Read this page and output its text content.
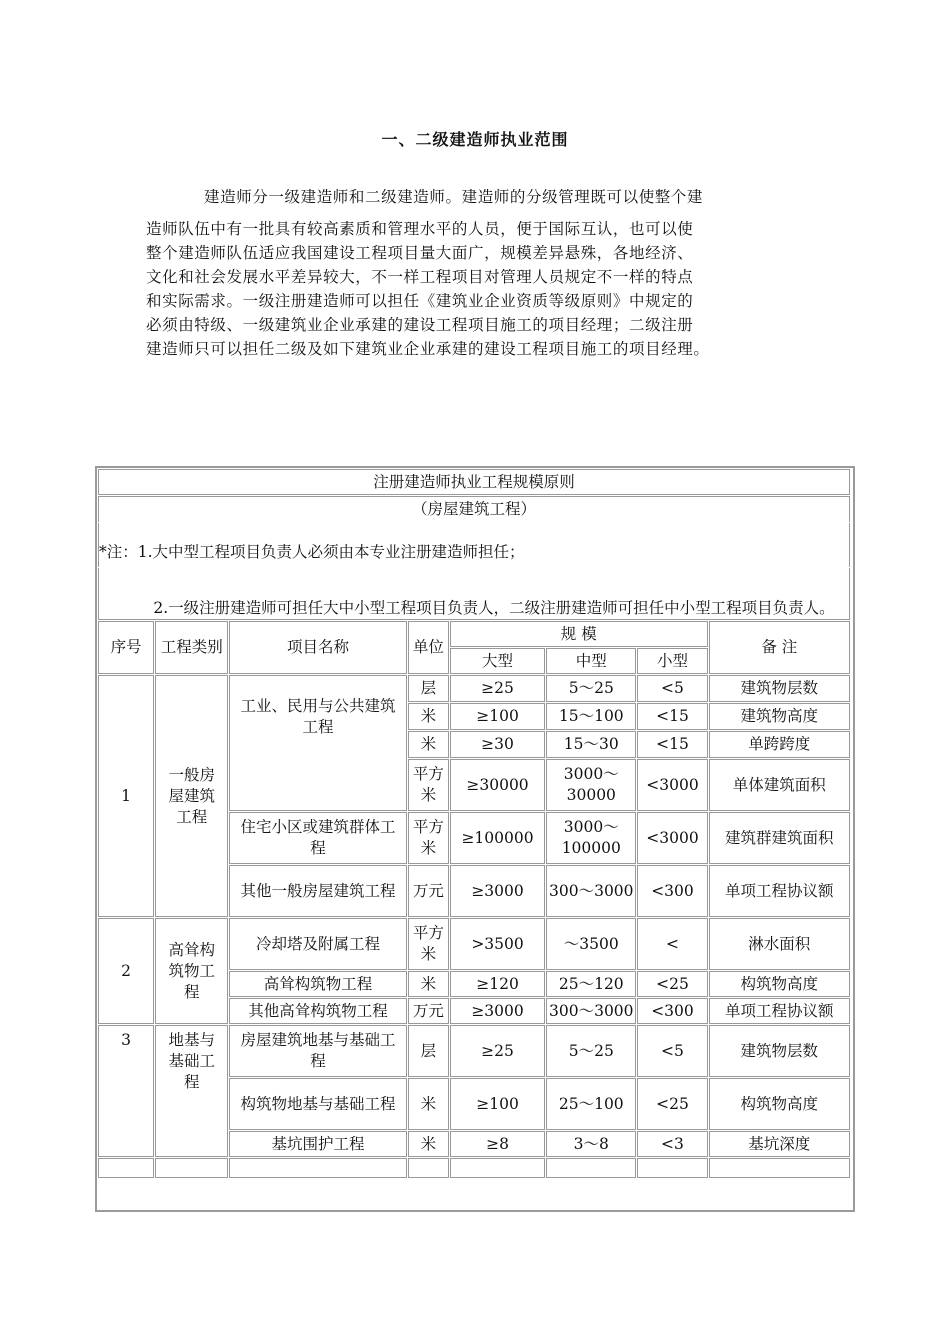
一、二级建造师执业范围
建造师分一级建造师和二级建造师。建造师的分级管理既可以使整个建
造师队伍中有一批具有较高素质和管理水平的人员，便于国际互认，也可以使
整个建造师队伍适应我国建设工程项目量大面广，规模差异悬殊，各地经济、
文化和社会发展水平差异较大，不一样工程项目对管理人员规定不一样的特点
和实际需求。一级注册建造师可以担任《建筑业企业资质等级原则》中规定的
必须由特级、一级建筑业企业承建的建设工程项目施工的项目经理；二级注册
建造师只可以担任二级及如下建筑业企业承建的建设工程项目施工的项目经理。
注册建造师执业工程规模原则							
（房屋建筑工程）							
*注：1.大中型工程项目负责人必须由本专业注册建造师担任；							
2.一级注册建造师可担任大中小型工程项目负责人，二级注册建造师可担任中小型工程项目负责人。							
序号	工程类别	项目名称	单位	规 模			备 注
				大型	中型	小型	
1	一般房屋建筑工程	工业、民用与公共建筑工程	层	≥25	5～25	<5	建筑物层数
			米	≥100	15～100	<15	建筑物高度
			米	≥30	15～30	<15	单跨跨度
			平方米	≥30000	3000～30000	<3000	单体建筑面积
		住宅小区或建筑群体工程	平方米	≥100000	3000～100000	<3000	建筑群建筑面积
		其他一般房屋建筑工程	万元	≥3000	300～3000	<300	单项工程协议额
2	高耸构筑物工程	冷却塔及附属工程	平方米	>3500	～3500	<	淋水面积
		高耸构筑物工程	米	≥120	25～120	<25	构筑物高度
		其他高耸构筑物工程	万元	≥3000	300～3000	<300	单项工程协议额
3	地基与基础工程	房屋建筑地基与基础工程	层	≥25	5～25	<5	建筑物层数
		构筑物地基与基础工程	米	≥100	25～100	<25	构筑物高度
		基坑围护工程	米	≥8	3～8	<3	基坑深度
